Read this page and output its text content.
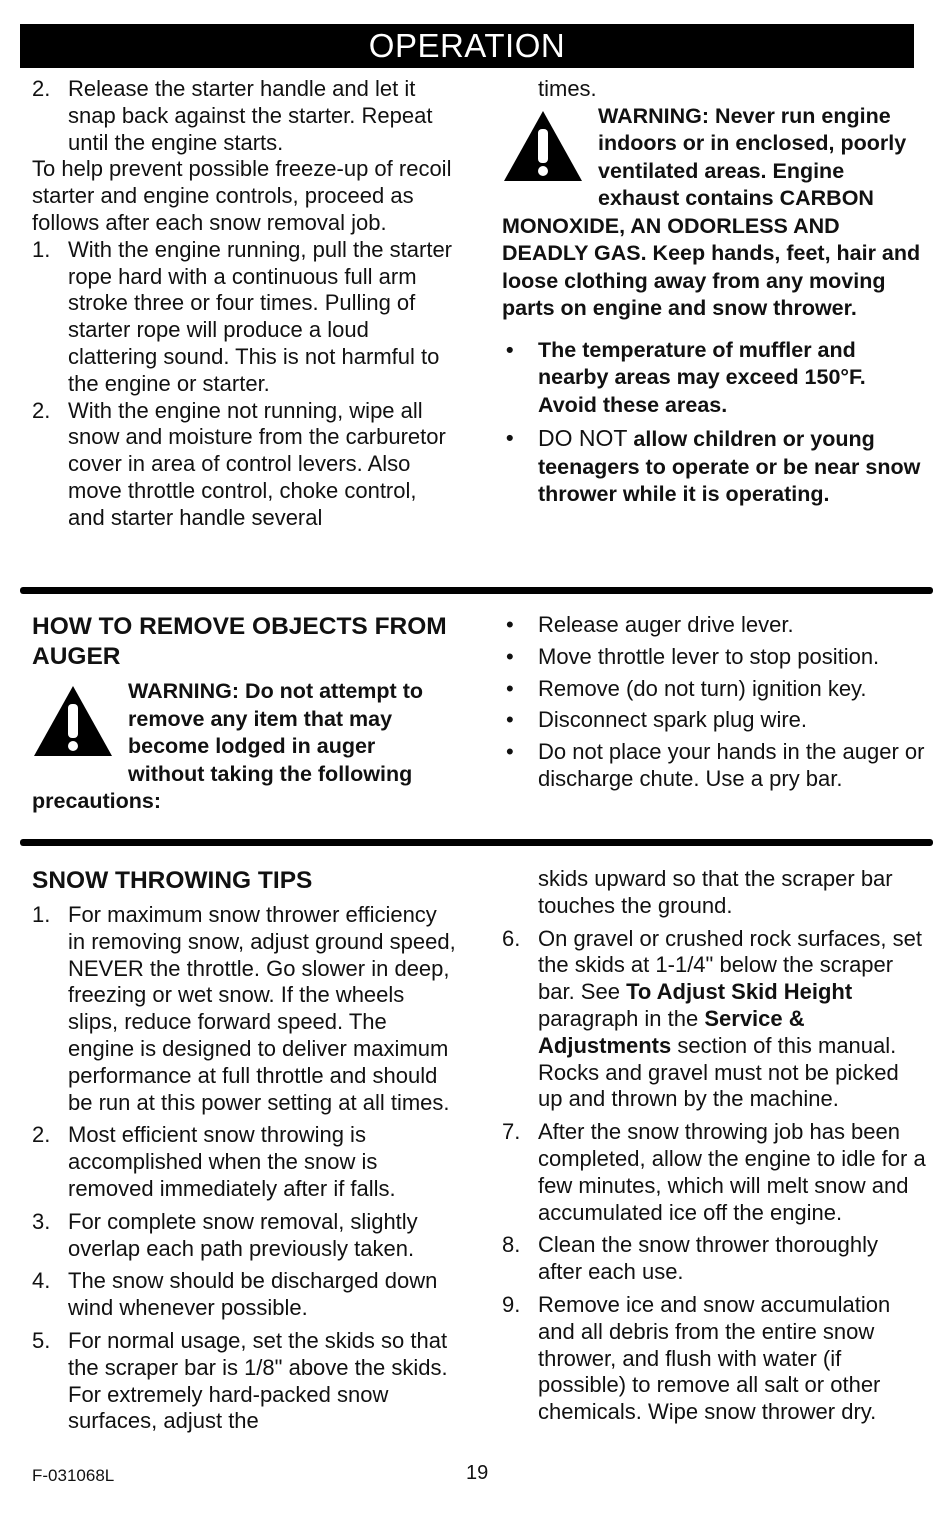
OPERATION
2. Release the starter handle and let it snap back against the starter. Repeat until the engine starts.

To help prevent possible freeze-up of recoil starter and engine controls, proceed as follows after each snow removal job.

1. With the engine running, pull the starter rope hard with a continuous full arm stroke three or four times. Pulling of starter rope will produce a loud clattering sound. This is not harmful to the engine or starter.
2. With the engine not running, wipe all snow and moisture from the carburetor cover in area of control levers. Also move throttle control, choke control, and starter handle several

times.

WARNING: Never run engine indoors or in enclosed, poorly ventilated areas. Engine exhaust contains CARBON MONOXIDE, AN ODORLESS AND DEADLY GAS. Keep hands, feet, hair and loose clothing away from any moving parts on engine and snow thrower.
• The temperature of muffler and nearby areas may exceed 150°F. Avoid these areas.
• DO NOT allow children or young teenagers to operate or be near snow thrower while it is operating.
HOW TO REMOVE OBJECTS FROM AUGER
WARNING: Do not attempt to remove any item that may become lodged in auger without taking the following precautions:
• Release auger drive lever.
• Move throttle lever to stop position.
• Remove (do not turn) ignition key.
• Disconnect spark plug wire.
• Do not place your hands in the auger or discharge chute. Use a pry bar.
SNOW THROWING TIPS
1. For maximum snow thrower efficiency in removing snow, adjust ground speed, NEVER the throttle. Go slower in deep, freezing or wet snow. If the wheels slips, reduce forward speed. The engine is designed to deliver maximum performance at full throttle and should be run at this power setting at all times.
2. Most efficient snow throwing is accomplished when the snow is removed immediately after if falls.
3. For complete snow removal, slightly overlap each path previously taken.
4. The snow should be discharged down wind whenever possible.
5. For normal usage, set the skids so that the scraper bar is 1/8" above the skids. For extremely hard-packed snow surfaces, adjust the

skids upward so that the scraper bar touches the ground.

6. On gravel or crushed rock surfaces, set the skids at 1-1/4" below the scraper bar. See To Adjust Skid Height paragraph in the Service & Adjustments section of this manual. Rocks and gravel must not be picked up and thrown by the machine.
7. After the snow throwing job has been completed, allow the engine to idle for a few minutes, which will melt snow and accumulated ice off the engine.
8. Clean the snow thrower thoroughly after each use.
9. Remove ice and snow accumulation and all debris from the entire snow thrower, and flush with water (if possible) to remove all salt or other chemicals. Wipe snow thrower dry.
F-031068L	19
